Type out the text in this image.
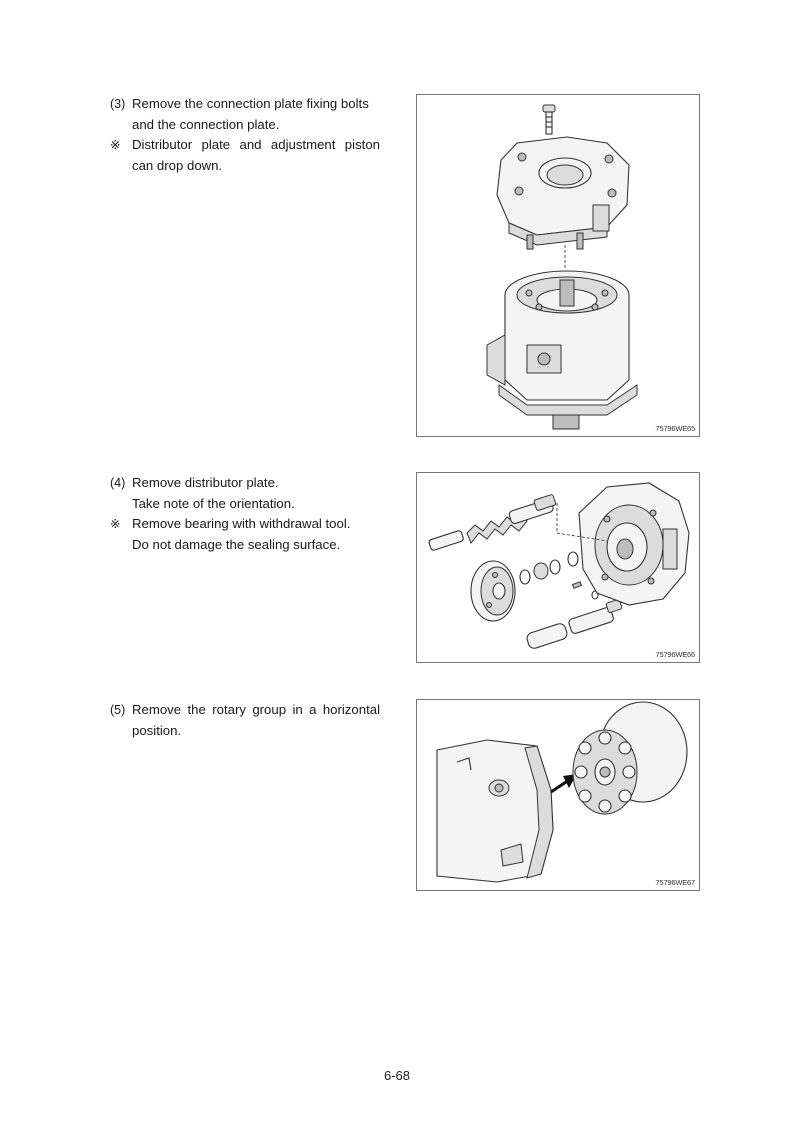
(3) Remove the connection plate fixing bolts
and the connection plate.
※ Distributor plate and adjustment piston can drop down.
75796WE65
(4) Remove distributor plate.
Take note of the orientation.
※ Remove bearing with withdrawal tool.
Do not damage the sealing surface.
75796WE66
(5) Remove the rotary group in a horizontal position.
75796WE67
6-68
